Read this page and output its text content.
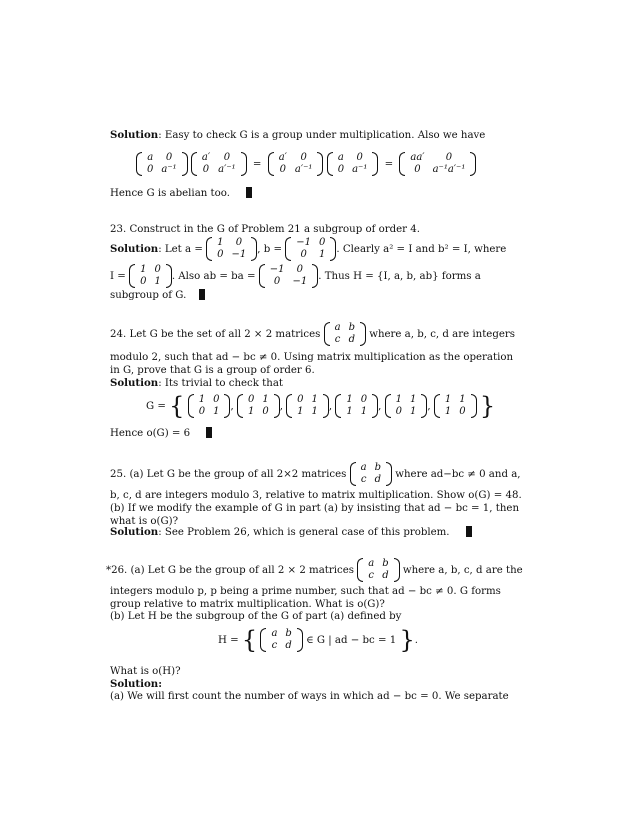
Solution: Easy to check G is a group under multiplication. Also we have
a	0
0	a⁻¹

a′	0
0	a′⁻¹ =
a′	0
0	a′⁻¹

a	0
0	a⁻¹ =
aa′	0
0	a⁻¹a′⁻¹
Hence G is abelian too.
23. Construct in the G of Problem 21 a subgroup of order 4.
Solution: Let a =
1	0
0	−1 , b =
−1	0
0	1 . Clearly a² = I and b² = I, where
I =
1	0
0	1 . Also ab = ba =
−1	0
0	−1 . Thus H = {I, a, b, ab} forms a
subgroup of G.
24. Let G be the set of all 2 × 2 matrices
a	b
c	d where a, b, c, d are integers
modulo 2, such that ad − bc ≠ 0. Using matrix multiplication as the operation
in G, prove that G is a group of order 6.
Solution: Its trivial to check that
G = { 1	0
0	1 ,
0	1
1	0 ,
0	1
1	1 ,
1	0
1	1 ,
1	1
0	1 ,
1	1
1	0 }
Hence o(G) = 6
25. (a) Let G be the group of all 2×2 matrices
a	b
c	d where ad−bc ≠ 0 and a,
b, c, d are integers modulo 3, relative to matrix multiplication. Show o(G) = 48.
(b) If we modify the example of G in part (a) by insisting that ad − bc = 1, then
what is o(G)?
Solution: See Problem 26, which is general case of this problem.
*26. (a) Let G be the group of all 2 × 2 matrices
a	b
c	d where a, b, c, d are the
integers modulo p, p being a prime number, such that ad − bc ≠ 0. G forms
group relative to matrix multiplication. What is o(G)?
(b) Let H be the subgroup of the G of part (a) defined by
H = { a	b
c	d ∈ G | ad − bc = 1 }.
What is o(H)?
Solution:
(a) We will first count the number of ways in which ad − bc = 0. We separate
